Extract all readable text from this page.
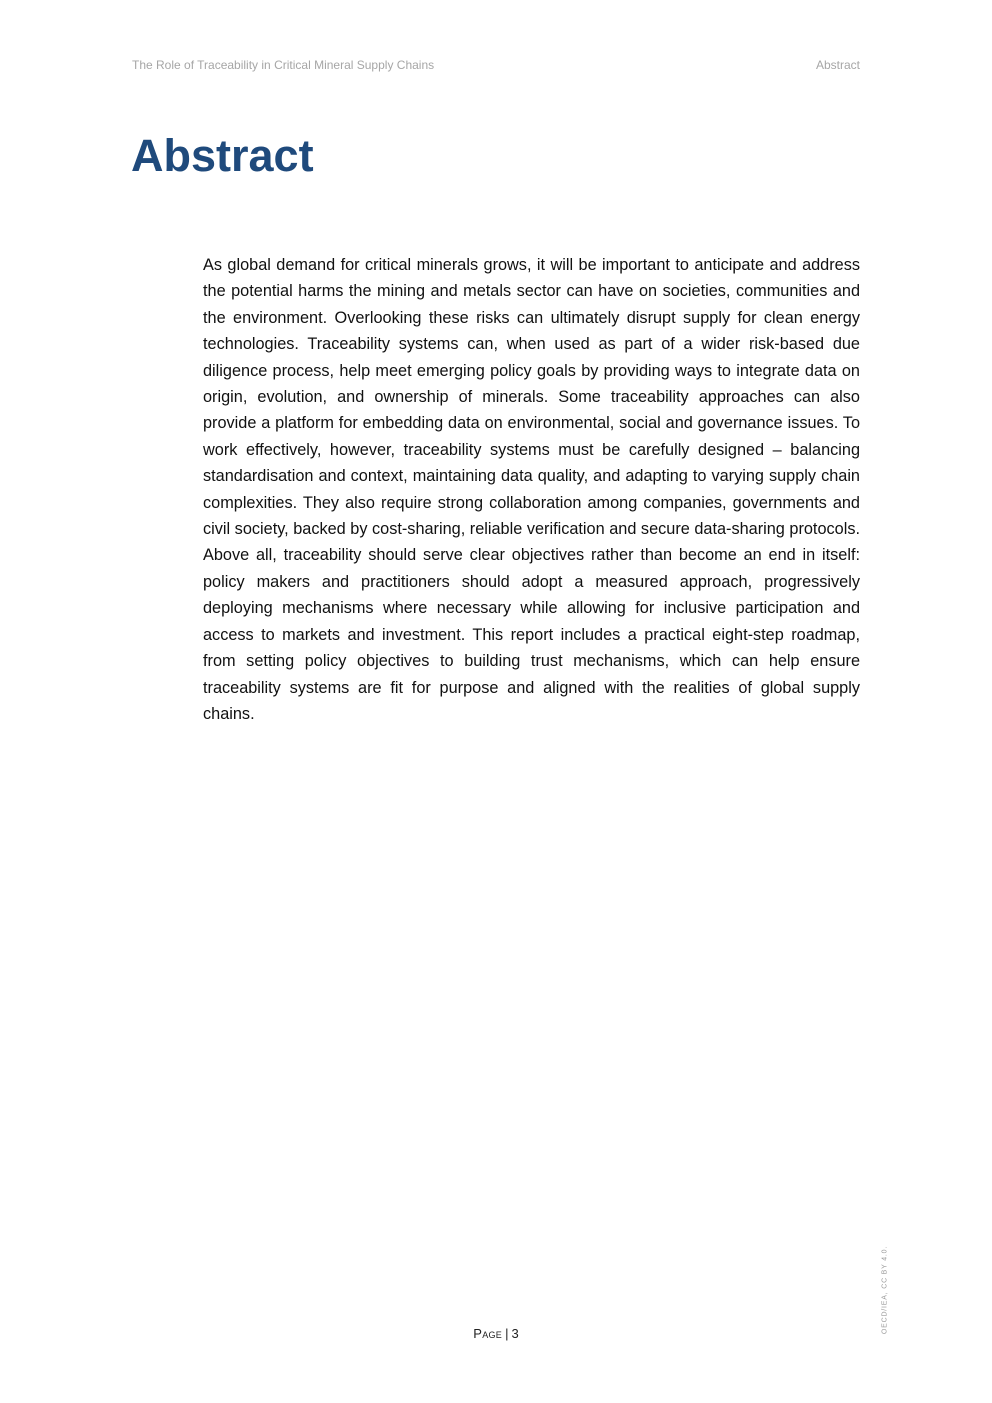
The Role of Traceability in Critical Mineral Supply Chains	Abstract
Abstract

As global demand for critical minerals grows, it will be important to anticipate and address the potential harms the mining and metals sector can have on societies, communities and the environment. Overlooking these risks can ultimately disrupt supply for clean energy technologies. Traceability systems can, when used as part of a wider risk-based due diligence process, help meet emerging policy goals by providing ways to integrate data on origin, evolution, and ownership of minerals. Some traceability approaches can also provide a platform for embedding data on environmental, social and governance issues. To work effectively, however, traceability systems must be carefully designed – balancing standardisation and context, maintaining data quality, and adapting to varying supply chain complexities. They also require strong collaboration among companies, governments and civil society, backed by cost-sharing, reliable verification and secure data-sharing protocols. Above all, traceability should serve clear objectives rather than become an end in itself: policy makers and practitioners should adopt a measured approach, progressively deploying mechanisms where necessary while allowing for inclusive participation and access to markets and investment. This report includes a practical eight-step roadmap, from setting policy objectives to building trust mechanisms, which can help ensure traceability systems are fit for purpose and aligned with the realities of global supply chains.

Page | 3	OECD/IEA, CC BY 4.0.
